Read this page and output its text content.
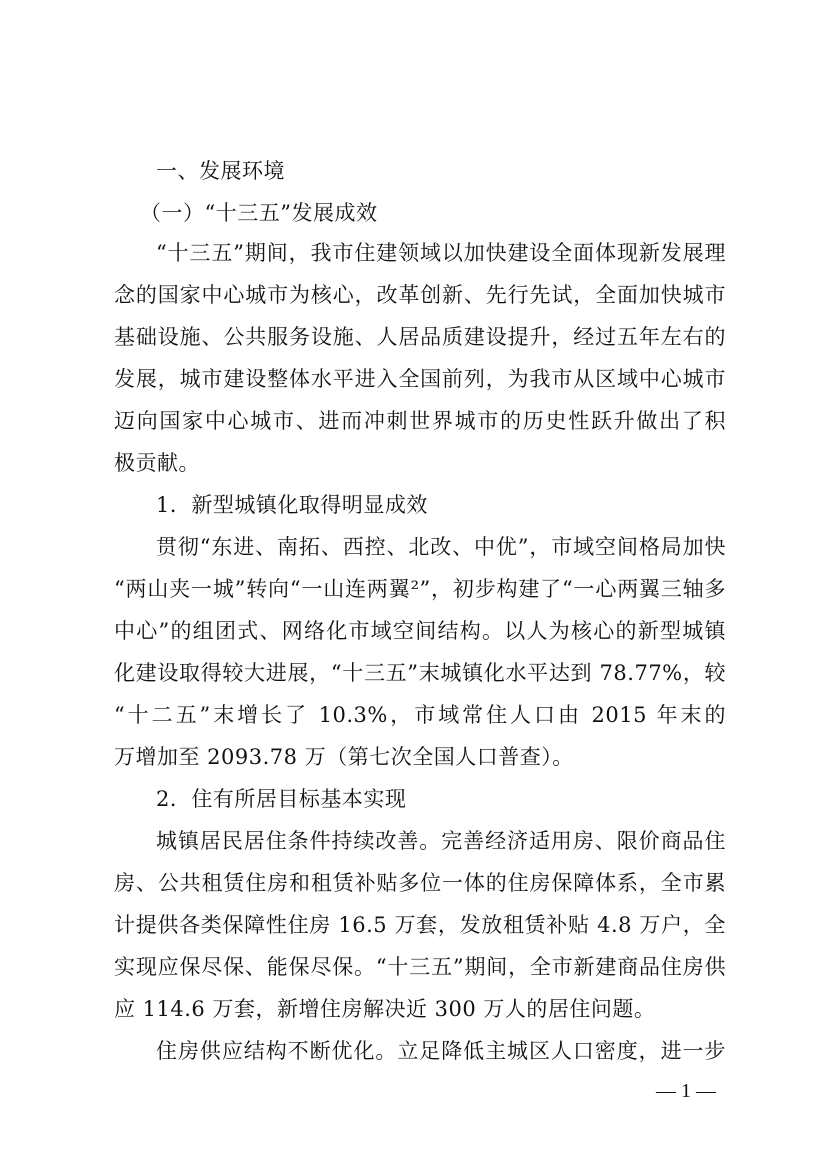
一、发展环境
（一）“十三五”发展成效
“十三五”期间，我市住建领域以加快建设全面体现新发展理
念的国家中心城市为核心，改革创新、先行先试，全面加快城市
基础设施、公共服务设施、人居品质建设提升，经过五年左右的
发展，城市建设整体水平进入全国前列，为我市从区域中心城市
迈向国家中心城市、进而冲刺世界城市的历史性跃升做出了积
极贡献。
1．新型城镇化取得明显成效
贯彻“东进、南拓、西控、北改、中优”，市域空间格局加快
“两山夹一城”转向“一山连两翼²”，初步构建了“一心两翼三轴多
中心”的组团式、网络化市域空间结构。以人为核心的新型城镇
化建设取得较大进展，“十三五”末城镇化水平达到 78.77%，较
“十二五”末增长了 10.3%，市域常住人口由 2015 年末的
万增加至 2093.78 万（第七次全国人口普查）。
2．住有所居目标基本实现
城镇居民居住条件持续改善。完善经济适用房、限价商品住
房、公共租赁住房和租赁补贴多位一体的住房保障体系，全市累
计提供各类保障性住房 16.5 万套，发放租赁补贴 4.8 万户，全
实现应保尽保、能保尽保。“十三五”期间，全市新建商品住房供
应 114.6 万套，新增住房解决近 300 万人的居住问题。
住房供应结构不断优化。立足降低主城区人口密度，进一步
— 1 —
